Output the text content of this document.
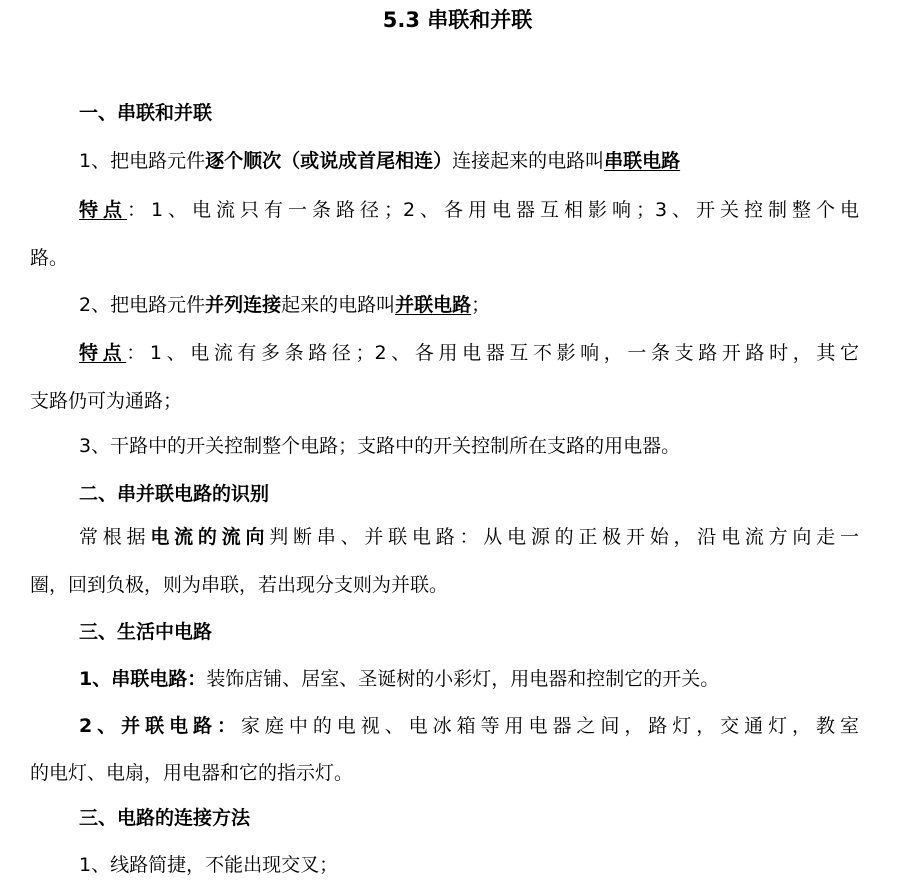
5.3 串联和并联
一、串联和并联
1、把电路元件逐个顺次（或说成首尾相连）连接起来的电路叫串联电路
特点：1、电流只有一条路径；2、各用电器互相影响；3、开关控制整个电
路。
2、把电路元件并列连接起来的电路叫并联电路；
特点：1、电流有多条路径；2、各用电器互不影响，一条支路开路时，其它
支路仍可为通路；
3、干路中的开关控制整个电路；支路中的开关控制所在支路的用电器。
二、串并联电路的识别
常根据电流的流向判断串、并联电路：从电源的正极开始，沿电流方向走一
圈，回到负极，则为串联，若出现分支则为并联。
三、生活中电路
1、串联电路：装饰店铺、居室、圣诞树的小彩灯，用电器和控制它的开关。
2、并联电路：家庭中的电视、电冰箱等用电器之间，路灯，交通灯，教室
的电灯、电扇，用电器和它的指示灯。
三、电路的连接方法
1、线路简捷，不能出现交叉；
